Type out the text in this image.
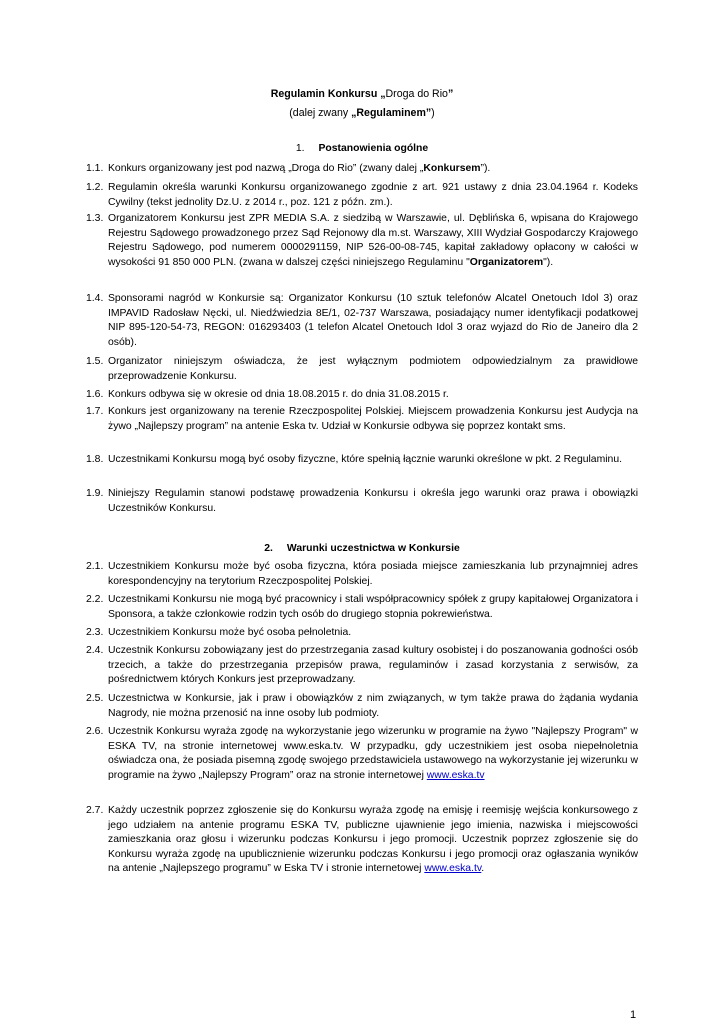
Regulamin Konkursu „Droga do Rio”
(dalej zwany „Regulaminem”)
1. Postanowienia ogólne
1.1. Konkurs organizowany jest pod nazwą „Droga do Rio” (zwany dalej „Konkursem”).
1.2. Regulamin określa warunki Konkursu organizowanego zgodnie z art. 921 ustawy z dnia 23.04.1964 r. Kodeks Cywilny (tekst jednolity Dz.U. z 2014 r., poz. 121 z późn. zm.).
1.3. Organizatorem Konkursu jest ZPR MEDIA S.A. z siedzibą w Warszawie, ul. Dęblińska 6, wpisana do Krajowego Rejestru Sądowego prowadzonego przez Sąd Rejonowy dla m.st. Warszawy, XIII Wydział Gospodarczy Krajowego Rejestru Sądowego, pod numerem 0000291159, NIP 526-00-08-745, kapitał zakładowy opłacony w całości w wysokości 91 850 000 PLN. (zwana w dalszej części niniejszego Regulaminu "Organizatorem").
1.4. Sponsorami nagród w Konkursie są: Organizator Konkursu (10 sztuk telefonów Alcatel Onetouch Idol 3) oraz IMPAVID Radosław Nęcki, ul. Niedźwiedzia 8E/1, 02-737 Warszawa, posiadający numer identyfikacji podatkowej NIP 895-120-54-73, REGON: 016293403 (1 telefon Alcatel Onetouch Idol 3 oraz wyjazd do Rio de Janeiro dla 2 osób).
1.5. Organizator niniejszym oświadcza, że jest wyłącznym podmiotem odpowiedzialnym za prawidłowe przeprowadzenie Konkursu.
1.6. Konkurs odbywa się w okresie od dnia 18.08.2015 r. do dnia 31.08.2015 r.
1.7. Konkurs jest organizowany na terenie Rzeczpospolitej Polskiej. Miejscem prowadzenia Konkursu jest Audycja na żywo „Najlepszy program” na antenie Eska tv. Udział w Konkursie odbywa się poprzez kontakt sms.
1.8. Uczestnikami Konkursu mogą być osoby fizyczne, które spełnią łącznie warunki określone w pkt. 2 Regulaminu.
1.9. Niniejszy Regulamin stanowi podstawę prowadzenia Konkursu i określa jego warunki oraz prawa i obowiązki Uczestników Konkursu.
2. Warunki uczestnictwa w Konkursie
2.1. Uczestnikiem Konkursu może być osoba fizyczna, która posiada miejsce zamieszkania lub przynajmniej adres korespondencyjny na terytorium Rzeczpospolitej Polskiej.
2.2. Uczestnikami Konkursu nie mogą być pracownicy i stali współpracownicy spółek z grupy kapitałowej Organizatora i Sponsora, a także członkowie rodzin tych osób do drugiego stopnia pokrewieństwa.
2.3. Uczestnikiem Konkursu może być osoba pełnoletnia.
2.4. Uczestnik Konkursu zobowiązany jest do przestrzegania zasad kultury osobistej i do poszanowania godności osób trzecich, a także do przestrzegania przepisów prawa, regulaminów i zasad korzystania z serwisów, za pośrednictwem których Konkurs jest przeprowadzany.
2.5. Uczestnictwa w Konkursie, jak i praw i obowiązków z nim związanych, w tym także prawa do żądania wydania Nagrody, nie można przenosić na inne osoby lub podmioty.
2.6. Uczestnik Konkursu wyraża zgodę na wykorzystanie jego wizerunku w programie na żywo "Najlepszy Program" w ESKA TV, na stronie internetowej www.eska.tv. W przypadku, gdy uczestnikiem jest osoba niepełnoletnia oświadcza ona, że posiada pisemną zgodę swojego przedstawiciela ustawowego na wykorzystanie jej wizerunku w programie na żywo „Najlepszy Program” oraz na stronie internetowej www.eska.tv
2.7. Każdy uczestnik poprzez zgłoszenie się do Konkursu wyraża zgodę na emisję i reemisję wejścia konkursowego z jego udziałem na antenie programu ESKA TV, publiczne ujawnienie jego imienia, nazwiska i miejscowości zamieszkania oraz głosu i wizerunku podczas Konkursu i jego promocji. Uczestnik poprzez zgłoszenie się do Konkursu wyraża zgodę na upublicznienie wizerunku podczas Konkursu i jego promocji oraz ogłaszania wyników na antenie „Najlepszego programu” w Eska TV i stronie internetowej www.eska.tv.
1
